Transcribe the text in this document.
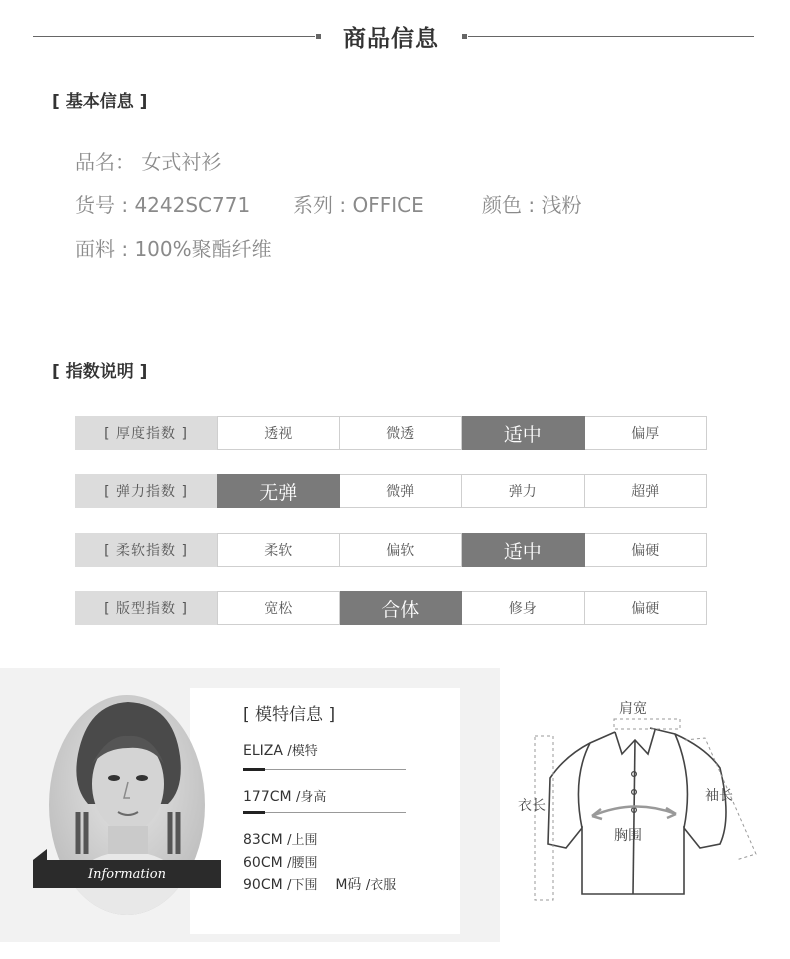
商品信息
[ 基本信息 ]
品名： 女式衬衫
货号 : 4242SC771 系列 : OFFICE	颜色 : 浅粉
面料 : 100%聚酯纤维
[ 指数说明 ]
[ 厚度指数 ]	透视	微透	适中	偏厚
[ 弹力指数 ]	无弹	微弹	弹力	超弹
[ 柔软指数 ]	柔软	偏软	适中	偏硬
[ 版型指数 ]	宽松	合体	修身	偏硬
Information
[ 模特信息 ]
ELIZA /模特
177CM /身高
83CM /上围
60CM /腰围
90CM /下围 M码 /衣服
肩宽
衣长
袖长
胸围
